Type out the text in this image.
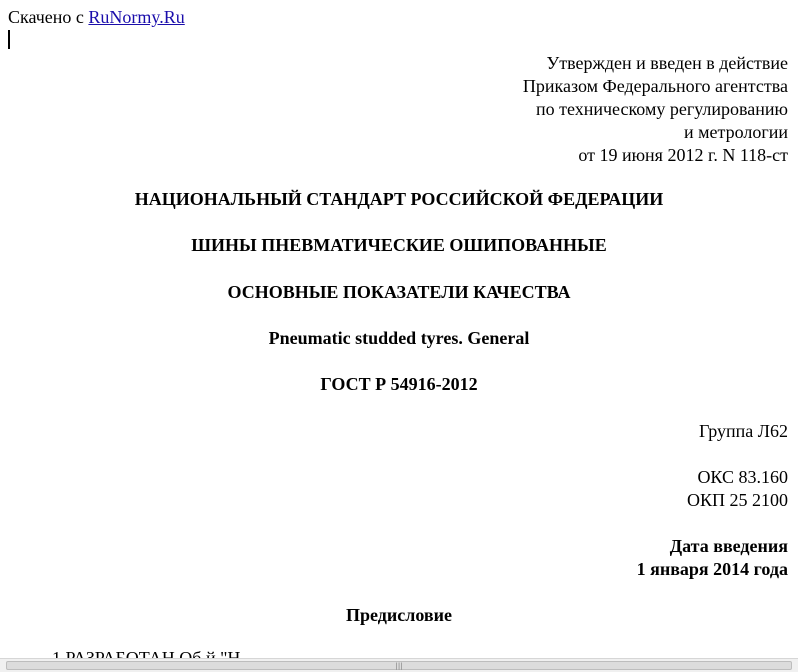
Скачено с RuNormy.Ru
Утвержден и введен в действие
Приказом Федерального агентства
по техническому регулированию
и метрологии
от 19 июня 2012 г. N 118-ст
НАЦИОНАЛЬНЫЙ СТАНДАРТ РОССИЙСКОЙ ФЕДЕРАЦИИ
ШИНЫ ПНЕВМАТИЧЕСКИЕ ОШИПОВАННЫЕ
ОСНОВНЫЕ ПОКАЗАТЕЛИ КАЧЕСТВА
Pneumatic studded tyres. General
ГОСТ Р 54916-2012
Группа Л62
ОКС 83.160
ОКП 25 2100
Дата введения
1 января 2014 года
Предисловие
|||
